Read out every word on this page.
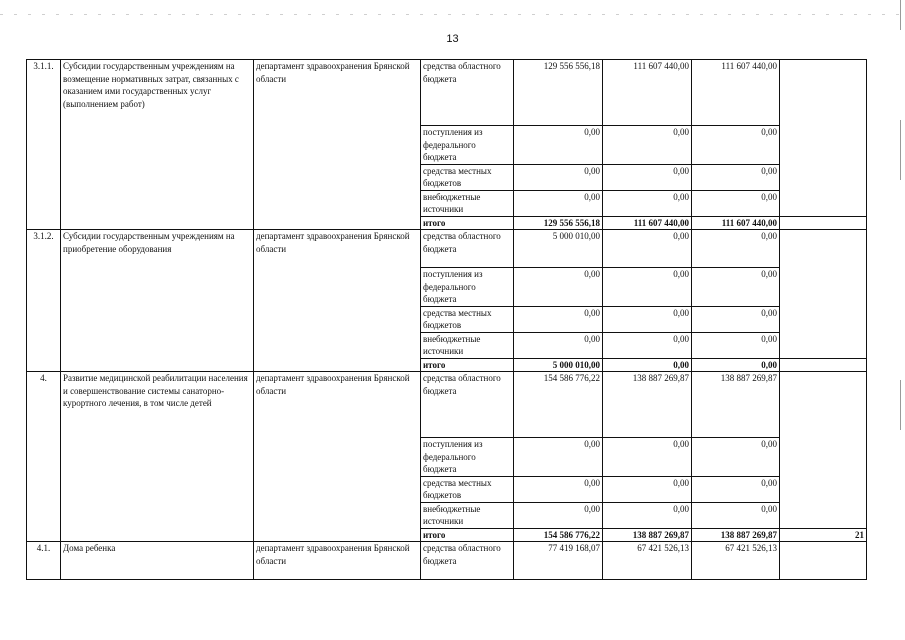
13
3.1.1.	Субсидии государственным учреждениям на возмещение нормативных затрат, связанных с оказанием ими государственных услуг (выполнением работ)	департамент здравоохранения Брянской области	средства областного бюджета	129 556 556,18	111 607 440,00	111 607 440,00	
			поступления из федерального бюджета	0,00	0,00	0,00	
			средства местных бюджетов	0,00	0,00	0,00	
			внебюджетные источники	0,00	0,00	0,00	
			итого	129 556 556,18	111 607 440,00	111 607 440,00	
3.1.2.	Субсидии государственным учреждениям на приобретение оборудования	департамент здравоохранения Брянской области	средства областного бюджета	5 000 010,00	0,00	0,00	
			поступления из федерального бюджета	0,00	0,00	0,00	
			средства местных бюджетов	0,00	0,00	0,00	
			внебюджетные источники	0,00	0,00	0,00	
			итого	5 000 010,00	0,00	0,00	
4.	Развитие медицинской реабилитации населения и совершенствование системы санаторно-курортного лечения, в том числе детей	департамент здравоохранения Брянской области	средства областного бюджета	154 586 776,22	138 887 269,87	138 887 269,87	
			поступления из федерального бюджета	0,00	0,00	0,00	
			средства местных бюджетов	0,00	0,00	0,00	
			внебюджетные источники	0,00	0,00	0,00	
			итого	154 586 776,22	138 887 269,87	138 887 269,87	21
4.1.	Дома ребенка	департамент здравоохранения Брянской области	средства областного бюджета	77 419 168,07	67 421 526,13	67 421 526,13	
